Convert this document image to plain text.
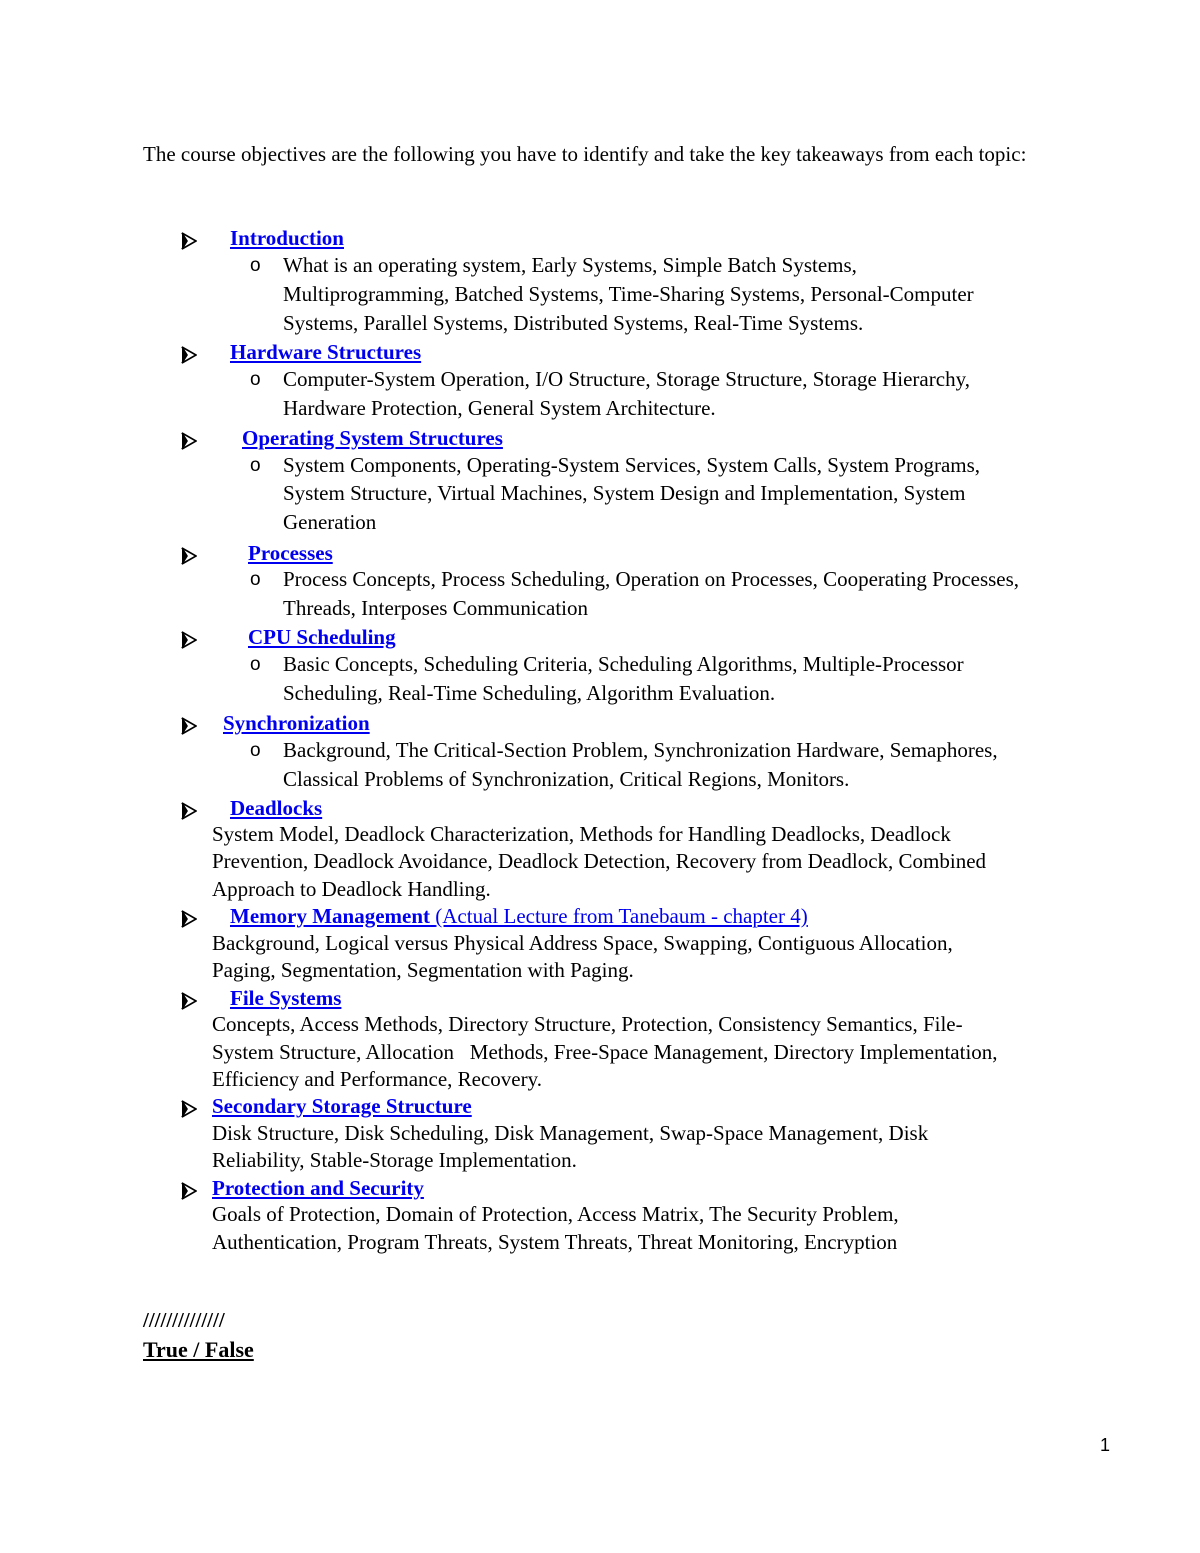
The course objectives are the following you have to identify and take the key takeaways from each topic:

Introduction
o What is an operating system, Early Systems, Simple Batch Systems,

Multiprogramming, Batched Systems, Time-Sharing Systems, Personal-Computer

Systems, Parallel Systems, Distributed Systems, Real-Time Systems.

Hardware Structures
o Computer-System Operation, I/O Structure, Storage Structure, Storage Hierarchy,

Hardware Protection, General System Architecture.

Operating System Structures
o System Components, Operating-System Services, System Calls, System Programs,

System Structure, Virtual Machines, System Design and Implementation, System

Generation

Processes
o Process Concepts, Process Scheduling, Operation on Processes, Cooperating Processes,

Threads, Interposes Communication

CPU Scheduling
o Basic Concepts, Scheduling Criteria, Scheduling Algorithms, Multiple-Processor

Scheduling, Real-Time Scheduling, Algorithm Evaluation.

Synchronization
o Background, The Critical-Section Problem, Synchronization Hardware, Semaphores,

Classical Problems of Synchronization, Critical Regions, Monitors.

Deadlocks

System Model, Deadlock Characterization, Methods for Handling Deadlocks, Deadlock

Prevention, Deadlock Avoidance, Deadlock Detection, Recovery from Deadlock, Combined

Approach to Deadlock Handling.

Memory Management (Actual Lecture from Tanebaum - chapter 4)

Background, Logical versus Physical Address Space, Swapping, Contiguous Allocation,

Paging, Segmentation, Segmentation with Paging.

File Systems

Concepts, Access Methods, Directory Structure, Protection, Consistency Semantics, File-

System Structure, Allocation   Methods, Free-Space Management, Directory Implementation,

Efficiency and Performance, Recovery.

Secondary Storage Structure

Disk Structure, Disk Scheduling, Disk Management, Swap-Space Management, Disk

Reliability, Stable-Storage Implementation.

Protection and Security

Goals of Protection, Domain of Protection, Access Matrix, The Security Problem,

Authentication, Program Threats, System Threats, Threat Monitoring, Encryption

//////////////
True / False
1
